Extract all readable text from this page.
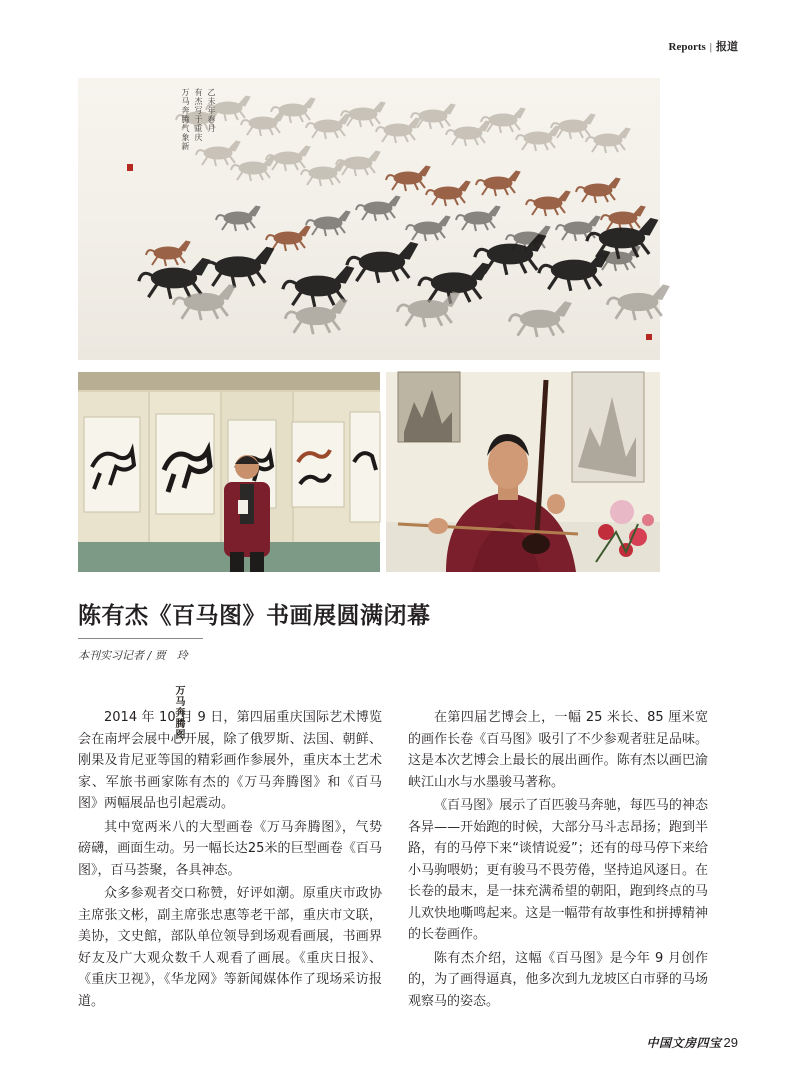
Reports | 报道
万马奔腾图
乙未年春月
有杰写于重庆
万马奔腾气象新
陈有杰《百马图》书画展圆满闭幕
本刊实习记者 / 贾　玲

2014 年 10 月 9 日，第四届重庆国际艺术博览会在南坪会展中心开展，除了俄罗斯、法国、朝鲜、刚果及肯尼亚等国的精彩画作参展外，重庆本土艺术家、军旅书画家陈有杰的《万马奔腾图》和《百马图》两幅展品也引起震动。

其中宽两米八的大型画卷《万马奔腾图》，气势磅礴，画面生动。另一幅长达25米的巨型画卷《百马图》，百马荟聚，各具神态。

众多参观者交口称赞，好评如潮。原重庆市政协主席张文彬，副主席张忠惠等老干部，重庆市文联，美协，文史館，部队单位领导到场观看画展，书画界好友及广大观众数千人观看了画展。《重庆日报》、《重庆卫视》，《华龙网》等新闻媒体作了现场采访报道。

在第四届艺博会上，一幅 25 米长、85 厘米宽的画作长卷《百马图》吸引了不少参观者驻足品味。这是本次艺博会上最长的展出画作。陈有杰以画巴渝峡江山水与水墨骏马著称。

《百马图》展示了百匹骏马奔驰，每匹马的神态各异——开始跑的时候，大部分马斗志昂扬；跑到半路，有的马停下来“谈情说爱”；还有的母马停下来给小马驹喂奶；更有骏马不畏劳倦，坚持追风逐日。在长卷的最末，是一抹充满希望的朝阳，跑到终点的马儿欢快地嘶鸣起来。这是一幅带有故事性和拼搏精神的长卷画作。

陈有杰介绍，这幅《百马图》是今年 9 月创作的，为了画得逼真，他多次到九龙坡区白市驿的马场观察马的姿态。

中国文房四宝 29
